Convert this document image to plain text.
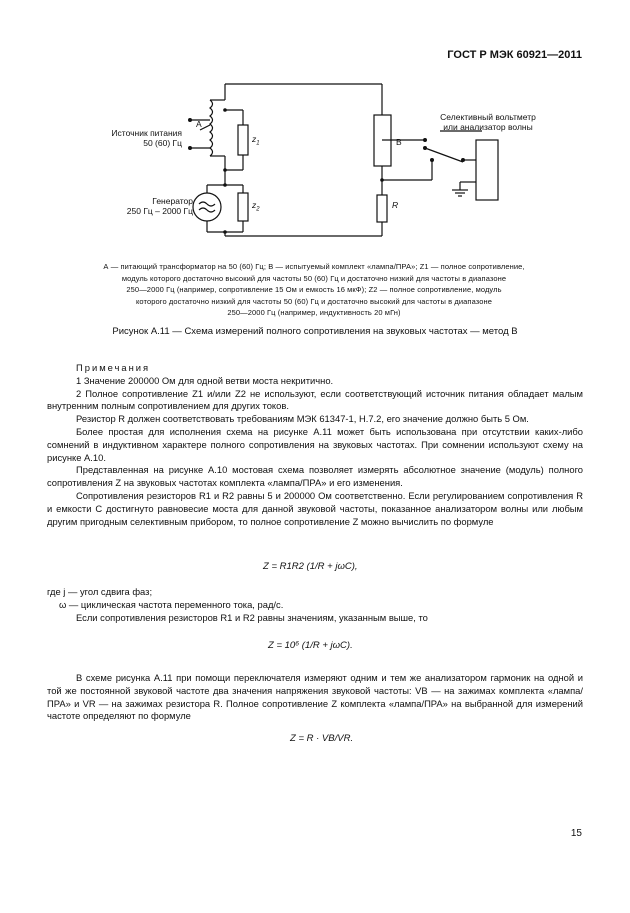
ГОСТ Р МЭК 60921—2011
Источник питания
50 (60) Гц
А
$z_1$
Генератор
250 Гц – 2000 Гц
$z_2$
В
R
Селективный вольтметр
или анализатор волны
А — питающий трансформатор на 50 (60) Гц; В — испытуемый комплект «лампа/ПРА»; Z1 — полное сопротивление,
модуль которого достаточно высокий для частоты 50 (60) Гц и достаточно низкий для частоты в диапазоне
250—2000 Гц (например, сопротивление 15 Ом и емкость 16 мкФ); Z2 — полное сопротивление, модуль
которого достаточно низкий для частоты 50 (60) Гц и достаточно высокий для частоты в диапазоне
250—2000 Гц (например, индуктивность 20 мГн)
Рисунок А.11 — Схема измерений полного сопротивления на звуковых частотах — метод В

Примечания

1 Значение 200000 Ом для одной ветви моста некритично.

2 Полное сопротивление Z1 и/или Z2 не используют, если соответствующий источник питания обладает малым внутренним полным сопротивлением для других токов.

Резистор R должен соответствовать требованиям МЭК 61347-1, Н.7.2, его значение должно быть 5 Ом.

Более простая для исполнения схема на рисунке А.11 может быть использована при отсутствии каких-либо сомнений в индуктивном характере полного сопротивления на звуковых частотах. При сомнении используют схему на рисунке А.10.

Представленная на рисунке А.10 мостовая схема позволяет измерять абсолютное значение (модуль) полного сопротивления Z на звуковых частотах комплекта «лампа/ПРА» и его изменения.

Сопротивления резисторов R1 и R2 равны 5 и 200000 Ом соответственно. Если регулированием сопротивления R и емкости C достигнуто равновесие моста для данной звуковой частоты, показанное анализатором волны или любым другим пригодным селективным прибором, то полное сопротивление Z можно вычислить по формуле

Z = R1R2 (1/R + jωC),

где j — угол сдвига фаз;

ω — циклическая частота переменного тока, рад/с.

Если сопротивления резисторов R1 и R2 равны значениям, указанным выше, то

Z = 10⁶ (1/R + jωC).

В схеме рисунка А.11 при помощи переключателя измеряют одним и тем же анализатором гармоник на одной и той же постоянной звуковой частоте два значения напряжения звуковой частоты: VB — на зажимах комплекта «лампа/ПРА» и VR — на зажимах резистора R. Полное сопротивление Z комплекта «лампа/ПРА» на выбранной для измерений частоте определяют по формуле

Z = R · VB/VR.
15
